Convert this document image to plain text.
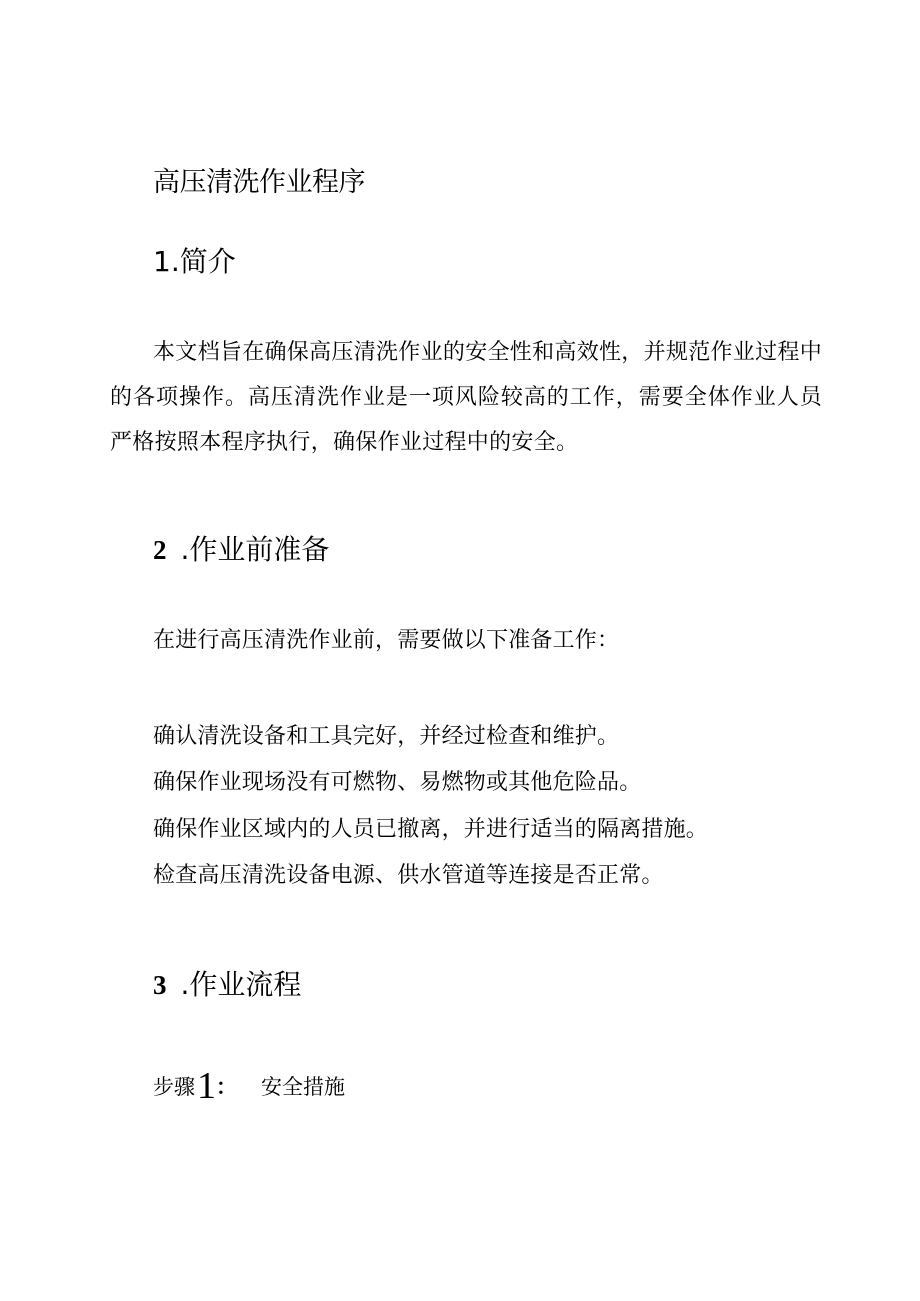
高压清洗作业程序
1.简介

本文档旨在确保高压清洗作业的安全性和高效性，并规范作业过程中的各项操作。高压清洗作业是一项风险较高的工作，需要全体作业人员严格按照本程序执行，确保作业过程中的安全。

2 .作业前准备
在进行高压清洗作业前，需要做以下准备工作：
确认清洗设备和工具完好，并经过检查和维护。
确保作业现场没有可燃物、易燃物或其他危险品。
确保作业区域内的人员已撤离，并进行适当的隔离措施。
检查高压清洗设备电源、供水管道等连接是否正常。
3 .作业流程
步骤 1 ： 安全措施
